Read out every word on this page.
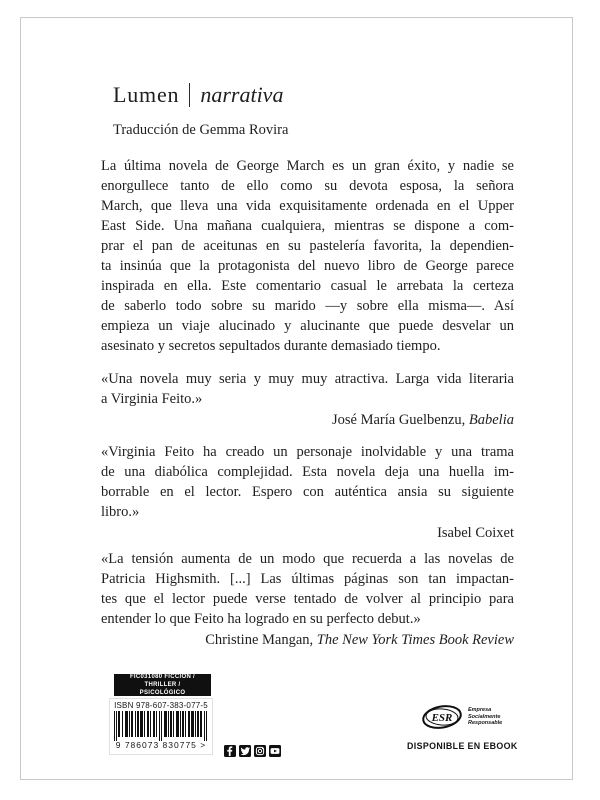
Lumen narrativa
Traducción de Gemma Rovira
La última novela de George March es un gran éxito, y nadie se
enorgullece tanto de ello como su devota esposa, la señora
March, que lleva una vida exquisitamente ordenada en el Upper
East Side. Una mañana cualquiera, mientras se dispone a com-
prar el pan de aceitunas en su pastelería favorita, la dependien-
ta insinúa que la protagonista del nuevo libro de George parece
inspirada en ella. Este comentario casual le arrebata la certeza
de saberlo todo sobre su marido —y sobre ella misma—. Así
empieza un viaje alucinado y alucinante que puede desvelar un
asesinato y secretos sepultados durante demasiado tiempo.
«Una novela muy seria y muy muy atractiva. Larga vida literaria
a Virginia Feito.»
José María Guelbenzu, Babelia
«Virginia Feito ha creado un personaje inolvidable y una trama
de una diabólica complejidad. Esta novela deja una huella im-
borrable en el lector. Espero con auténtica ansia su siguiente
libro.»
Isabel Coixet
«La tensión aumenta de un modo que recuerda a las novelas de
Patricia Highsmith. [...] Las últimas páginas son tan impactan-
tes que el lector puede verse tentado de volver al principio para
entender lo que Feito ha logrado en su perfecto debut.»
Christine Mangan, The New York Times Book Review
FIC031080 FICCIÓN / THRILLER /
PSICOLÓGICO
ISBN 978-607-383-077-5
9 786073 830775 >
ESR
Empresa
Socialmente
Responsable
DISPONIBLE EN EBOOK
